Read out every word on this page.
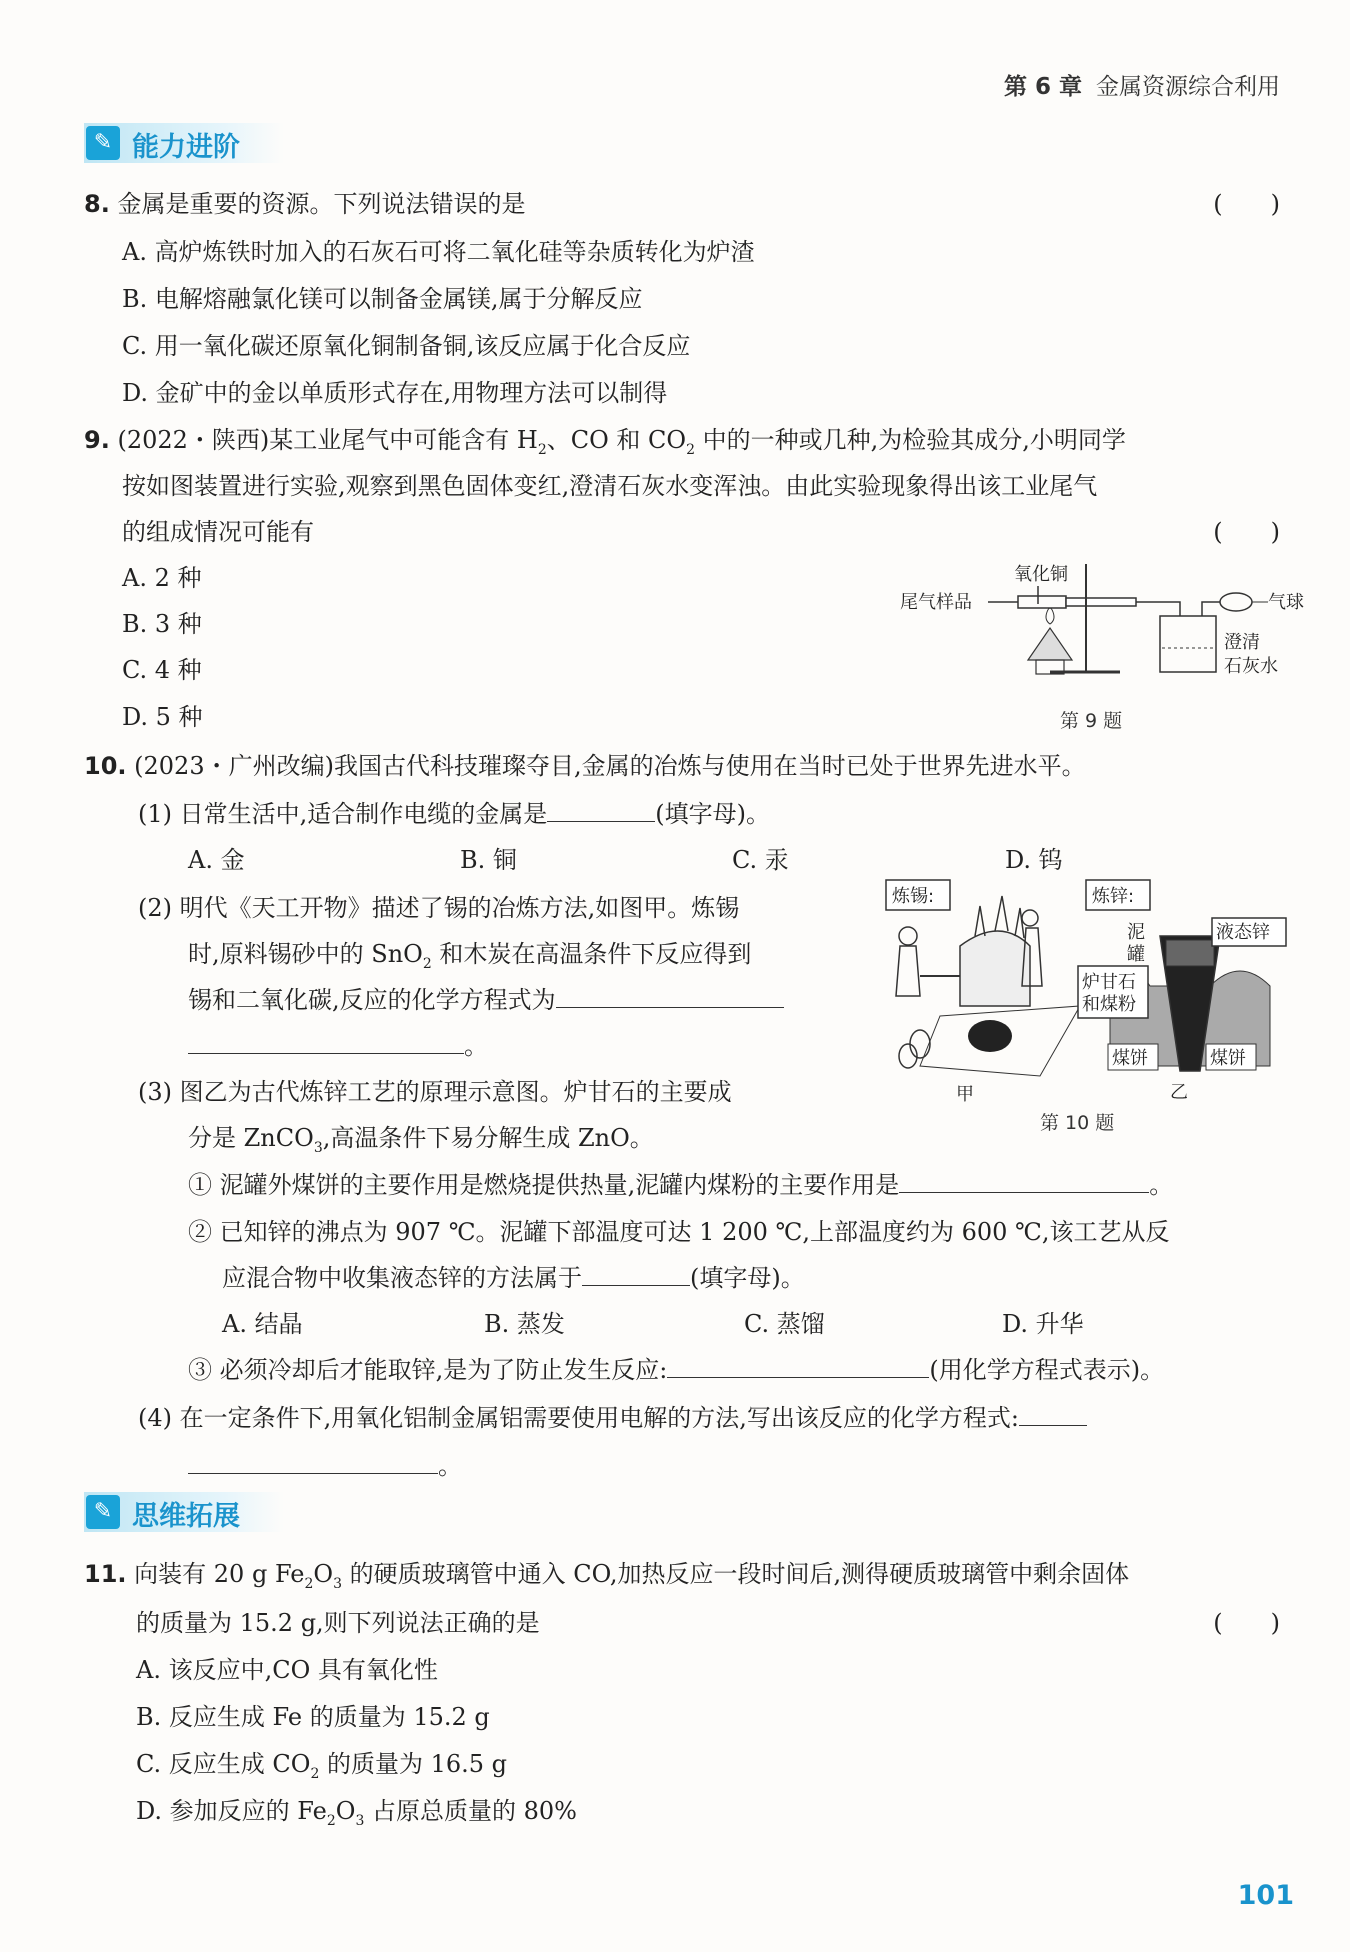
第 6 章 金属资源综合利用
✎ 能力进阶
8. 金属是重要的资源。下列说法错误的是	(　　)
A. 高炉炼铁时加入的石灰石可将二氧化硅等杂质转化为炉渣
B. 电解熔融氯化镁可以制备金属镁,属于分解反应
C. 用一氧化碳还原氧化铜制备铜,该反应属于化合反应
D. 金矿中的金以单质形式存在,用物理方法可以制得
9. (2022・陕西)某工业尾气中可能含有 $H_2$、CO 和 $CO_2$ 中的一种或几种,为检验其成分,小明同学
按如图装置进行实验,观察到黑色固体变红,澄清石灰水变浑浊。由此实验现象得出该工业尾气
的组成情况可能有	(　　)
A. 2 种
B. 3 种
C. 4 种
D. 5 种
氧化铜
尾气样品	气球
澄清
石灰水
第 9 题
10. (2023・广州改编)我国古代科技璀璨夺目,金属的冶炼与使用在当时已处于世界先进水平。
(1) 日常生活中,适合制作电缆的金属是	(填字母)。
A. 金	B. 铜	C. 汞	D. 钨
(2) 明代《天工开物》描述了锡的冶炼方法,如图甲。炼锡
时,原料锡砂中的 SnO$_2$ 和木炭在高温条件下反应得到
锡和二氧化碳,反应的化学方程式为
。
炼锡:
甲
炼锌:
泥
罐
液态锌
炉甘石
和煤粉
煤饼	煤饼
乙
第 10 题
(3) 图乙为古代炼锌工艺的原理示意图。炉甘石的主要成
分是 ZnCO$_3$,高温条件下易分解生成 ZnO。
① 泥罐外煤饼的主要作用是燃烧提供热量,泥罐内煤粉的主要作用是	。
② 已知锌的沸点为 907 ℃。泥罐下部温度可达 1 200 ℃,上部温度约为 600 ℃,该工艺从反
应混合物中收集液态锌的方法属于	(填字母)。
A. 结晶	B. 蒸发	C. 蒸馏	D. 升华
③ 必须冷却后才能取锌,是为了防止发生反应:	(用化学方程式表示)。
(4) 在一定条件下,用氧化铝制金属铝需要使用电解的方法,写出该反应的化学方程式:
。
✎ 思维拓展
11. 向装有 20 g $Fe_2O_3$ 的硬质玻璃管中通入 CO,加热反应一段时间后,测得硬质玻璃管中剩余固体
的质量为 15.2 g,则下列说法正确的是	(　　)
A. 该反应中,CO 具有氧化性
B. 反应生成 Fe 的质量为 15.2 g
C. 反应生成 $CO_2$ 的质量为 16.5 g
D. 参加反应的 $Fe_2O_3$ 占原总质量的 80%
101
